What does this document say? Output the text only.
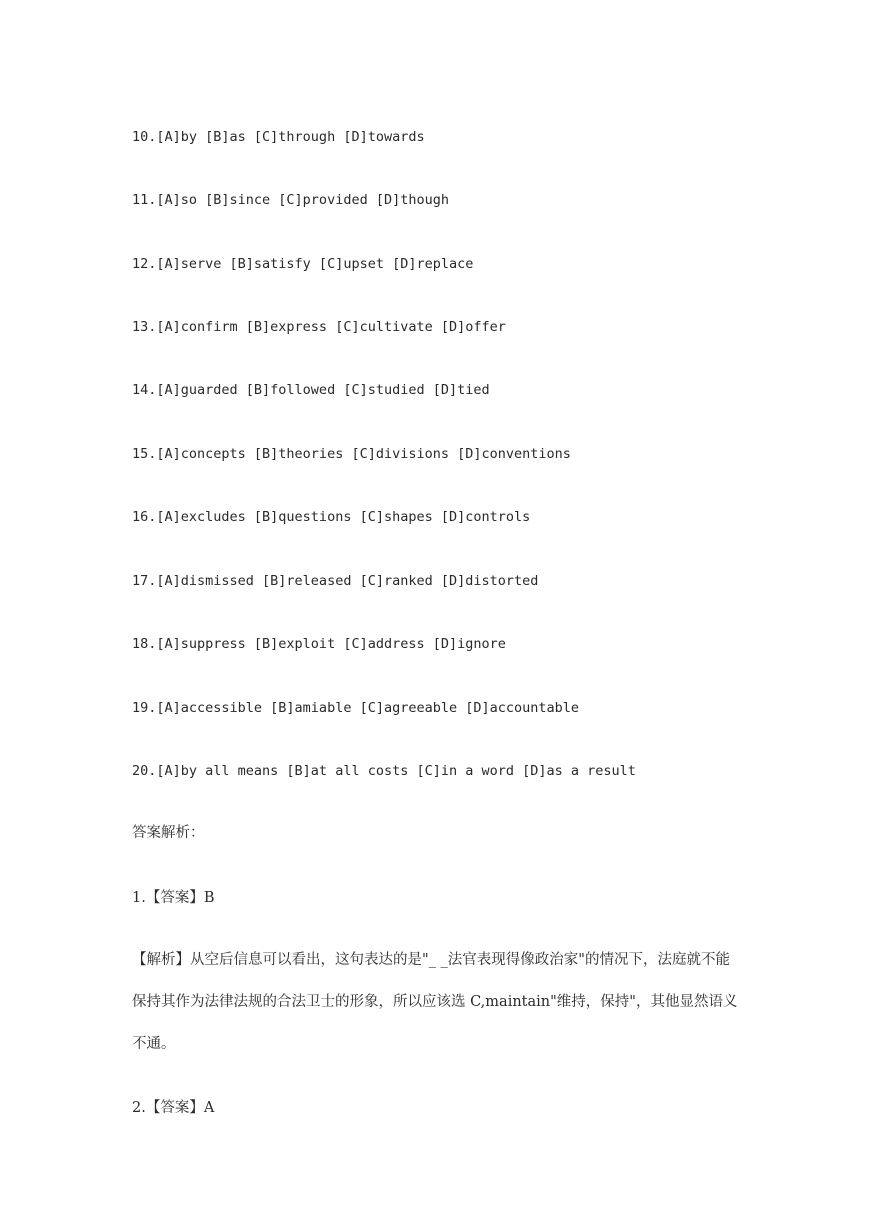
10.[A]by [B]as [C]through [D]towards
11.[A]so [B]since [C]provided [D]though
12.[A]serve [B]satisfy [C]upset [D]replace
13.[A]confirm [B]express [C]cultivate [D]offer
14.[A]guarded [B]followed [C]studied [D]tied
15.[A]concepts [B]theories [C]divisions [D]conventions
16.[A]excludes [B]questions [C]shapes [D]controls
17.[A]dismissed [B]released [C]ranked [D]distorted
18.[A]suppress [B]exploit [C]address [D]ignore
19.[A]accessible [B]amiable [C]agreeable [D]accountable
20.[A]by all means [B]at all costs [C]in a word [D]as a result
答案解析：
1.【答案】B
【解析】从空后信息可以看出，这句表达的是"_ _法官表现得像政治家"的情况下，法庭就不能保持其作为法律法规的合法卫士的形象，所以应该选 C,maintain"维持，保持"，其他显然语义不通。
2.【答案】A
